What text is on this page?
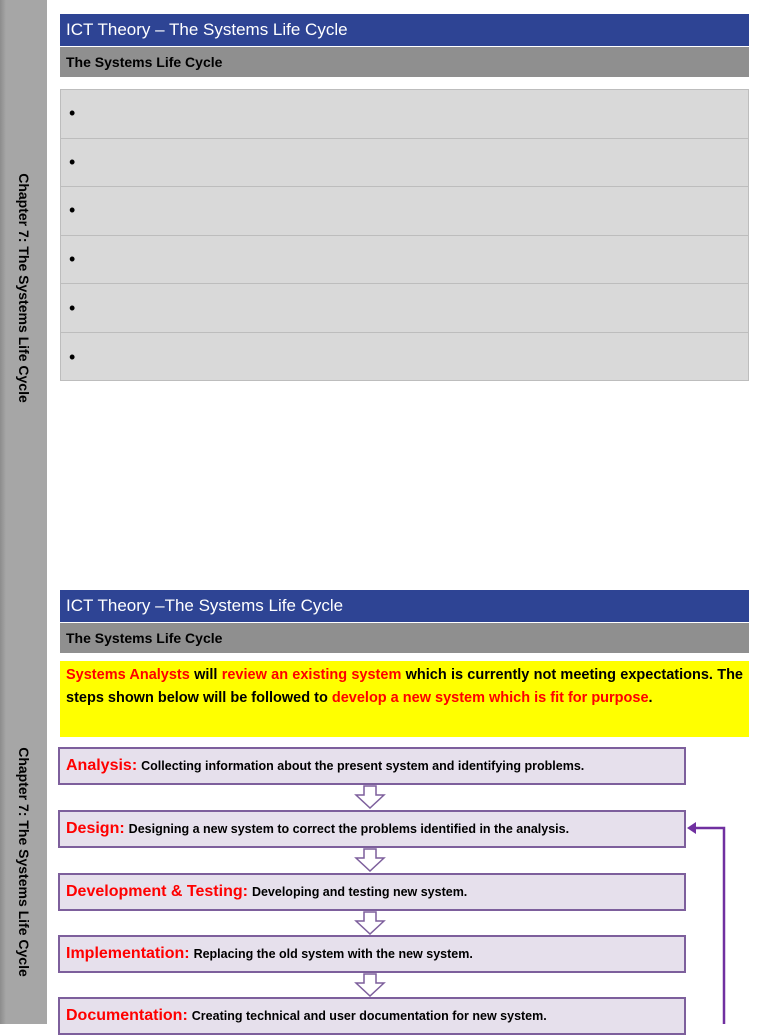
Chapter 7: The Systems Life Cycle
Chapter 7: The Systems Life Cycle
ICT Theory – The Systems Life Cycle
The Systems Life Cycle
•
•
•
•
•
•
ICT Theory –The Systems Life Cycle
The Systems Life Cycle
Systems Analysts will review an existing system which is currently not meeting expectations. The steps shown below will be followed to develop a new system which is fit for purpose.
Analysis: Collecting information about the present system and identifying problems.
Design: Designing a new system to correct the problems identified in the analysis.
Development & Testing: Developing and testing new system.
Implementation: Replacing the old system with the new system.
Documentation: Creating technical and user documentation for new system.
